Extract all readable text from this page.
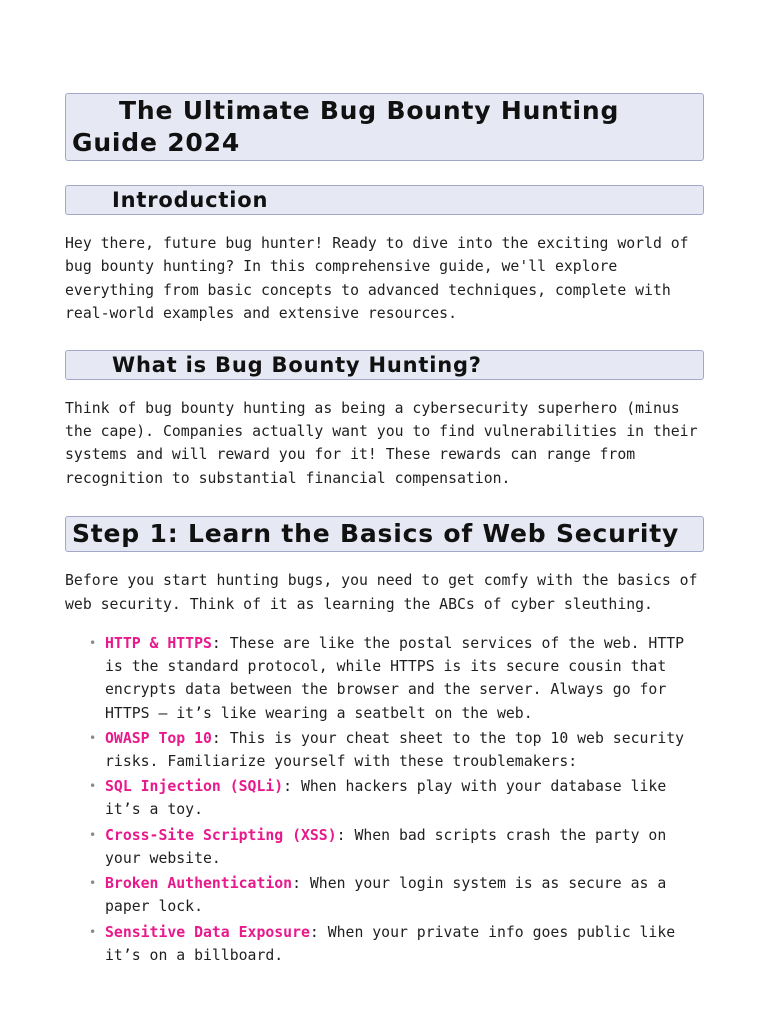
The Ultimate Bug Bounty Hunting Guide 2024
Introduction

Hey there, future bug hunter! Ready to dive into the exciting world of bug bounty hunting? In this comprehensive guide, we'll explore everything from basic concepts to advanced techniques, complete with real-world examples and extensive resources.

What is Bug Bounty Hunting?

Think of bug bounty hunting as being a cybersecurity superhero (minus the cape). Companies actually want you to find vulnerabilities in their systems and will reward you for it! These rewards can range from recognition to substantial financial compensation.

Step 1: Learn the Basics of Web Security

Before you start hunting bugs, you need to get comfy with the basics of web security. Think of it as learning the ABCs of cyber sleuthing.

• HTTP & HTTPS: These are like the postal services of the web. HTTP is the standard protocol, while HTTPS is its secure cousin that encrypts data between the browser and the server. Always go for HTTPS — it’s like wearing a seatbelt on the web.
• OWASP Top 10: This is your cheat sheet to the top 10 web security risks. Familiarize yourself with these troublemakers:
• SQL Injection (SQLi): When hackers play with your database like it’s a toy.
• Cross-Site Scripting (XSS): When bad scripts crash the party on your website.
• Broken Authentication: When your login system is as secure as a paper lock.
• Sensitive Data Exposure: When your private info goes public like it’s on a billboard.
